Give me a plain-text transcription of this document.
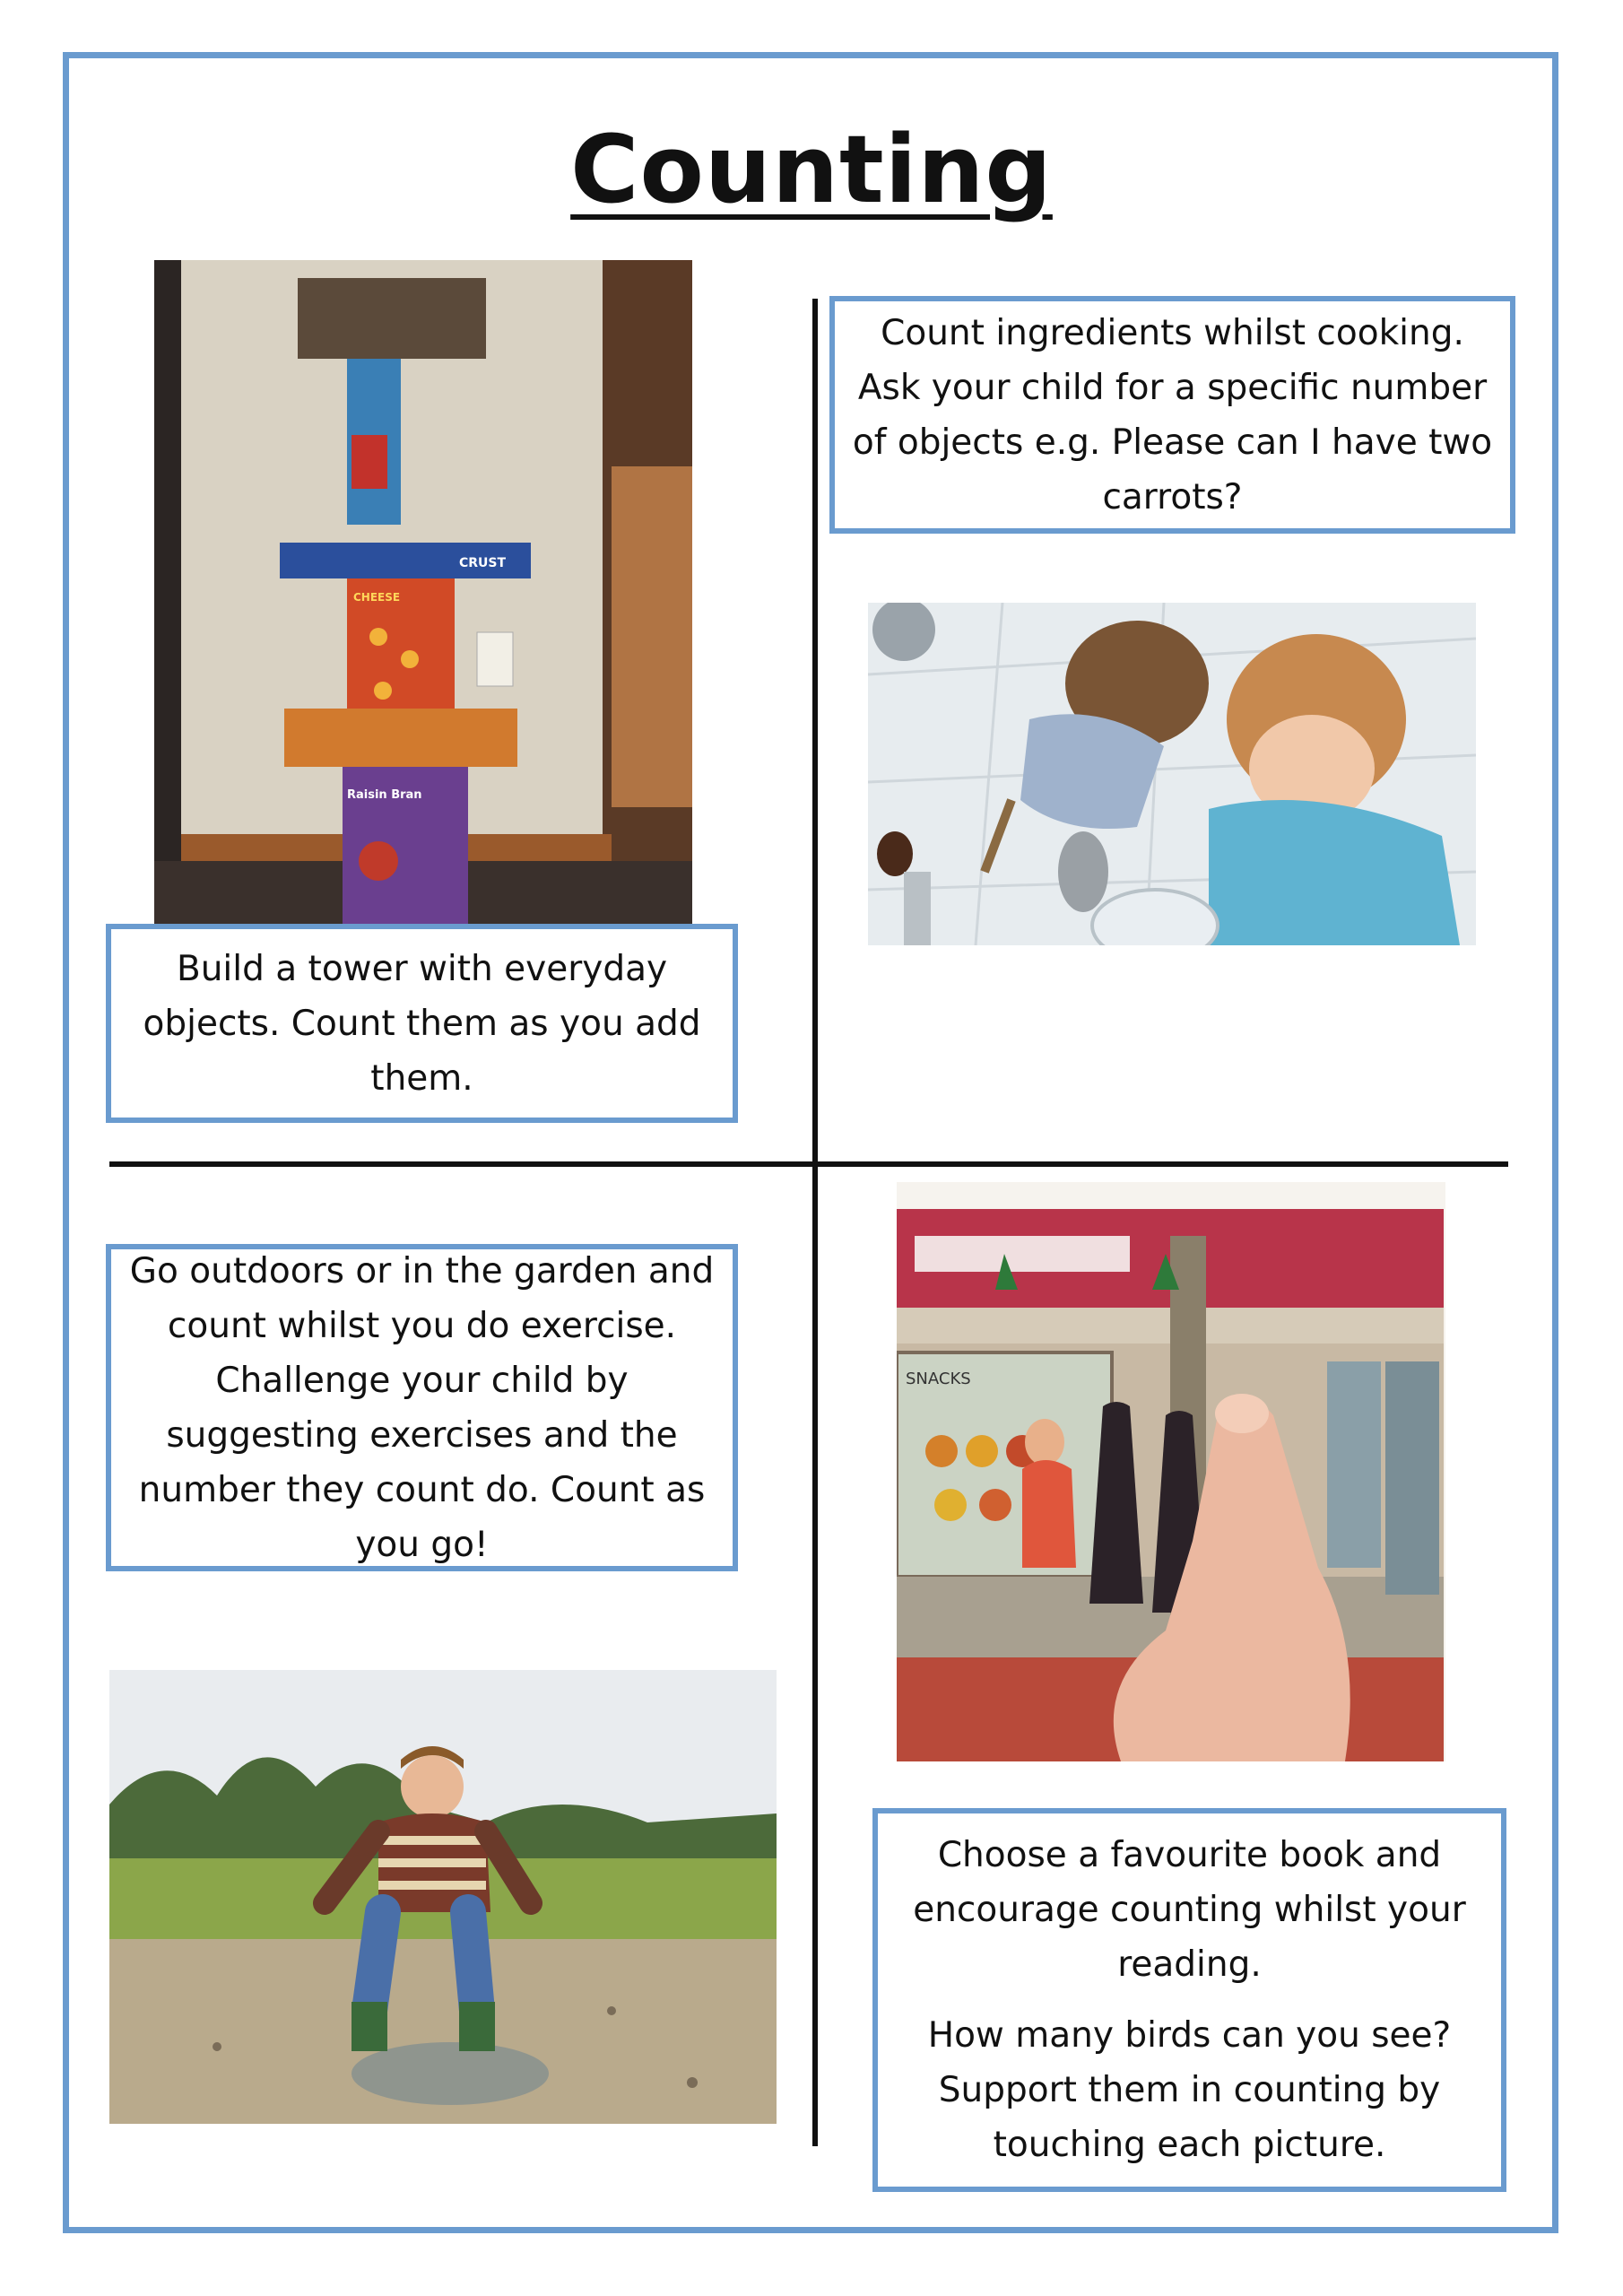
Counting
CRUST
CHEESE
Raisin Bran
SNACKS

Count ingredients whilst cooking. Ask your child for a specific number of objects e.g. Please can I have two carrots?

Build a tower with everyday objects. Count them as you add them.

Go outdoors or in the garden and count whilst you do exercise. Challenge your child by suggesting exercises and the number they count do. Count as you go!

Choose a favourite book and encourage counting whilst your reading.

How many birds can you see? Support them in counting by touching each picture.
